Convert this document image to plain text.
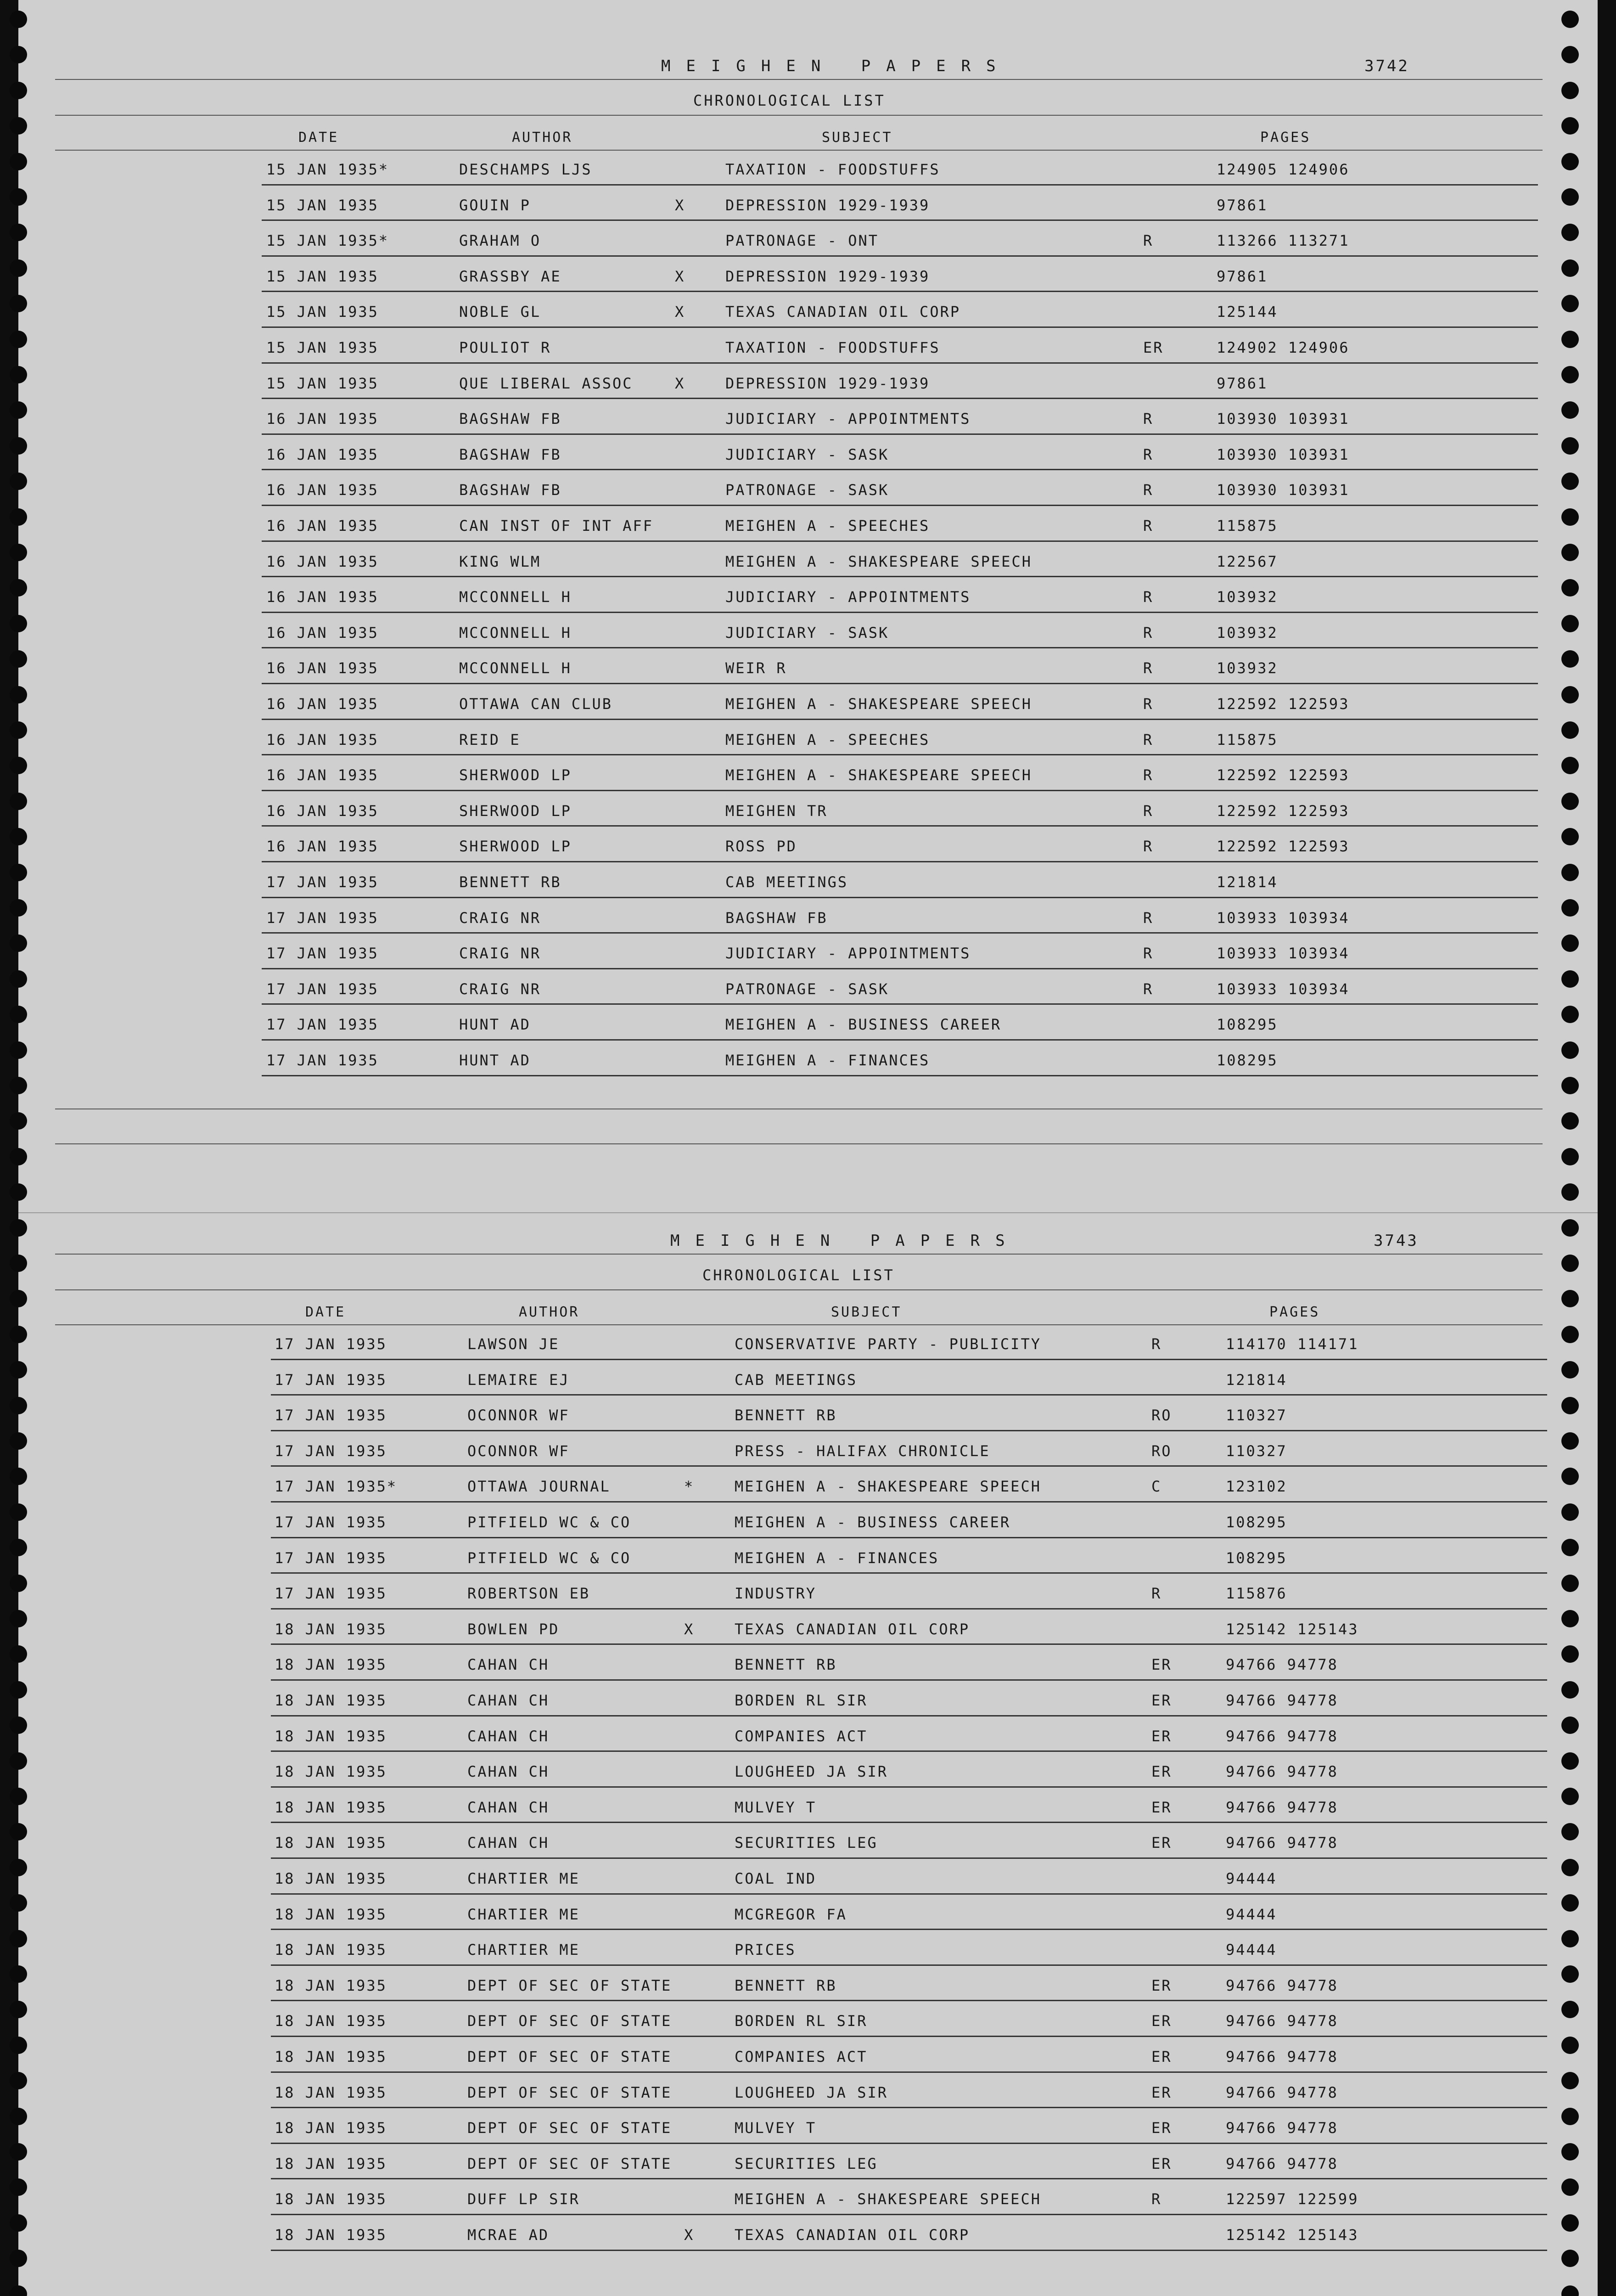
MEIGHEN PAPERS	3742
CHRONOLOGICAL LIST
DATE	AUTHOR	SUBJECT	PAGES
15 JAN 1935*	DESCHAMPS LJS	TAXATION - FOODSTUFFS	124905 124906
15 JAN 1935	GOUIN P	X	DEPRESSION 1929-1939	97861
15 JAN 1935*	GRAHAM O	PATRONAGE - ONT	R	113266 113271
15 JAN 1935	GRASSBY AE	X	DEPRESSION 1929-1939	97861
15 JAN 1935	NOBLE GL	X	TEXAS CANADIAN OIL CORP	125144
15 JAN 1935	POULIOT R	TAXATION - FOODSTUFFS	ER	124902 124906
15 JAN 1935	QUE LIBERAL ASSOC	X	DEPRESSION 1929-1939	97861
16 JAN 1935	BAGSHAW FB	JUDICIARY - APPOINTMENTS	R	103930 103931
16 JAN 1935	BAGSHAW FB	JUDICIARY - SASK	R	103930 103931
16 JAN 1935	BAGSHAW FB	PATRONAGE - SASK	R	103930 103931
16 JAN 1935	CAN INST OF INT AFF	MEIGHEN A - SPEECHES	R	115875
16 JAN 1935	KING WLM	MEIGHEN A - SHAKESPEARE SPEECH	122567
16 JAN 1935	MCCONNELL H	JUDICIARY - APPOINTMENTS	R	103932
16 JAN 1935	MCCONNELL H	JUDICIARY - SASK	R	103932
16 JAN 1935	MCCONNELL H	WEIR R	R	103932
16 JAN 1935	OTTAWA CAN CLUB	MEIGHEN A - SHAKESPEARE SPEECH	R	122592 122593
16 JAN 1935	REID E	MEIGHEN A - SPEECHES	R	115875
16 JAN 1935	SHERWOOD LP	MEIGHEN A - SHAKESPEARE SPEECH	R	122592 122593
16 JAN 1935	SHERWOOD LP	MEIGHEN TR	R	122592 122593
16 JAN 1935	SHERWOOD LP	ROSS PD	R	122592 122593
17 JAN 1935	BENNETT RB	CAB MEETINGS	121814
17 JAN 1935	CRAIG NR	BAGSHAW FB	R	103933 103934
17 JAN 1935	CRAIG NR	JUDICIARY - APPOINTMENTS	R	103933 103934
17 JAN 1935	CRAIG NR	PATRONAGE - SASK	R	103933 103934
17 JAN 1935	HUNT AD	MEIGHEN A - BUSINESS CAREER	108295
17 JAN 1935	HUNT AD	MEIGHEN A - FINANCES	108295
MEIGHEN PAPERS	3743
CHRONOLOGICAL LIST
DATE	AUTHOR	SUBJECT	PAGES
17 JAN 1935	LAWSON JE	CONSERVATIVE PARTY - PUBLICITY	R	114170 114171
17 JAN 1935	LEMAIRE EJ	CAB MEETINGS	121814
17 JAN 1935	OCONNOR WF	BENNETT RB	RO	110327
17 JAN 1935	OCONNOR WF	PRESS - HALIFAX CHRONICLE	RO	110327
17 JAN 1935*	OTTAWA JOURNAL	*	MEIGHEN A - SHAKESPEARE SPEECH	C	123102
17 JAN 1935	PITFIELD WC & CO	MEIGHEN A - BUSINESS CAREER	108295
17 JAN 1935	PITFIELD WC & CO	MEIGHEN A - FINANCES	108295
17 JAN 1935	ROBERTSON EB	INDUSTRY	R	115876
18 JAN 1935	BOWLEN PD	X	TEXAS CANADIAN OIL CORP	125142 125143
18 JAN 1935	CAHAN CH	BENNETT RB	ER	94766 94778
18 JAN 1935	CAHAN CH	BORDEN RL SIR	ER	94766 94778
18 JAN 1935	CAHAN CH	COMPANIES ACT	ER	94766 94778
18 JAN 1935	CAHAN CH	LOUGHEED JA SIR	ER	94766 94778
18 JAN 1935	CAHAN CH	MULVEY T	ER	94766 94778
18 JAN 1935	CAHAN CH	SECURITIES LEG	ER	94766 94778
18 JAN 1935	CHARTIER ME	COAL IND	94444
18 JAN 1935	CHARTIER ME	MCGREGOR FA	94444
18 JAN 1935	CHARTIER ME	PRICES	94444
18 JAN 1935	DEPT OF SEC OF STATE	BENNETT RB	ER	94766 94778
18 JAN 1935	DEPT OF SEC OF STATE	BORDEN RL SIR	ER	94766 94778
18 JAN 1935	DEPT OF SEC OF STATE	COMPANIES ACT	ER	94766 94778
18 JAN 1935	DEPT OF SEC OF STATE	LOUGHEED JA SIR	ER	94766 94778
18 JAN 1935	DEPT OF SEC OF STATE	MULVEY T	ER	94766 94778
18 JAN 1935	DEPT OF SEC OF STATE	SECURITIES LEG	ER	94766 94778
18 JAN 1935	DUFF LP SIR	MEIGHEN A - SHAKESPEARE SPEECH	R	122597 122599
18 JAN 1935	MCRAE AD	X	TEXAS CANADIAN OIL CORP	125142 125143
